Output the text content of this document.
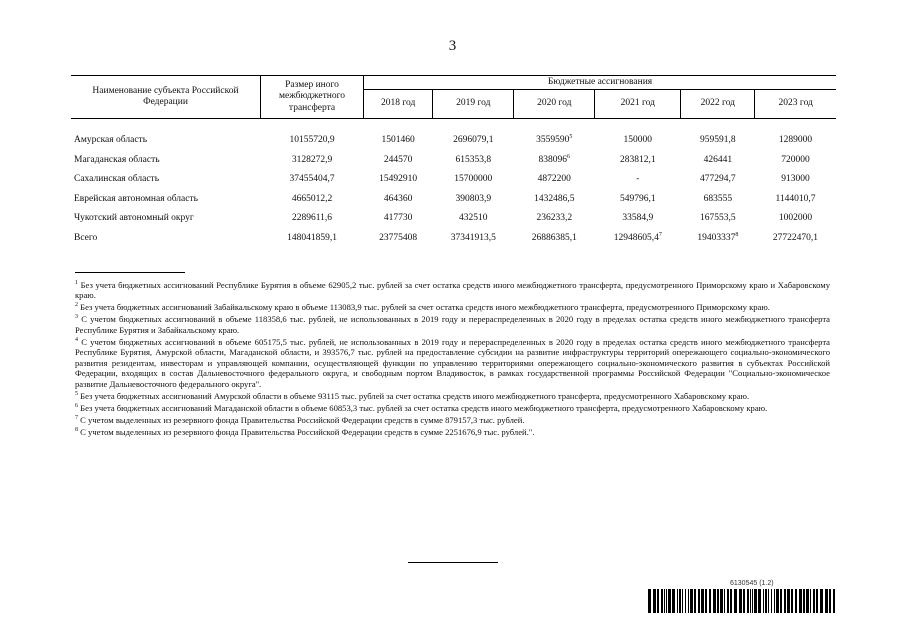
3
Наименование субъекта Российской Федерации	Размер иного межбюджетного трансферта	Бюджетные ассигнования					
		2018 год	2019 год	2020 год	2021 год	2022 год	2023 год
Амурская область	10155720,9	1501460	2696079,1	3559590$^5$	150000	959591,8	1289000
Магаданская область	3128272,9	244570	615353,8	838096$^6$	283812,1	426441	720000
Сахалинская область	37455404,7	15492910	15700000	4872200	-	477294,7	913000
Еврейская автономная область	4665012,2	464360	390803,9	1432486,5	549796,1	683555	1144010,7
Чукотский автономный округ	2289611,6	417730	432510	236233,2	33584,9	167553,5	1002000
Всего	148041859,1	23775408	37341913,5	26886385,1	12948605,4$^7$	19403337$^8$	27722470,1

$^1$ Без учета бюджетных ассигнований Республике Бурятия в объеме 62905,2 тыс. рублей за счет остатка средств иного межбюджетного трансферта, предусмотренного Приморскому краю и Хабаровскому краю.

$^2$ Без учета бюджетных ассигнований Забайкальскому краю в объеме 113083,9 тыс. рублей за счет остатка средств иного межбюджетного трансферта, предусмотренного Приморскому краю.

$^3$ С учетом бюджетных ассигнований в объеме 118358,6 тыс. рублей, не использованных в 2019 году и перераспределенных в 2020 году в пределах остатка средств иного межбюджетного трансферта Республике Бурятия и Забайкальскому краю.

$^4$ С учетом бюджетных ассигнований в объеме 605175,5 тыс. рублей, не использованных в 2019 году и перераспределенных в 2020 году в пределах остатка средств иного межбюджетного трансферта Республике Бурятия, Амурской области, Магаданской области, и 393576,7 тыс. рублей на предоставление субсидии на развитие инфраструктуры территорий опережающего социально-экономического развития резидентам, инвесторам и управляющей компании, осуществляющей функции по управлению территориями опережающего социально-экономического развития в субъектах Российской Федерации, входящих в состав Дальневосточного федерального округа, и свободным портом Владивосток, в рамках государственной программы Российской Федерации "Социально-экономическое развитие Дальневосточного федерального округа".

$^5$ Без учета бюджетных ассигнований Амурской области в объеме 93115 тыс. рублей за счет остатка средств иного межбюджетного трансферта, предусмотренного Хабаровскому краю.

$^6$ Без учета бюджетных ассигнований Магаданской области в объеме 60853,3 тыс. рублей за счет остатка средств иного межбюджетного трансферта, предусмотренного Хабаровскому краю.

$^7$ С учетом выделенных из резервного фонда Правительства Российской Федерации средств в сумме 879157,3 тыс. рублей.

$^8$ С учетом выделенных из резервного фонда Правительства Российской Федерации средств в сумме 2251676,9 тыс. рублей.".

6130545 (1.2)
